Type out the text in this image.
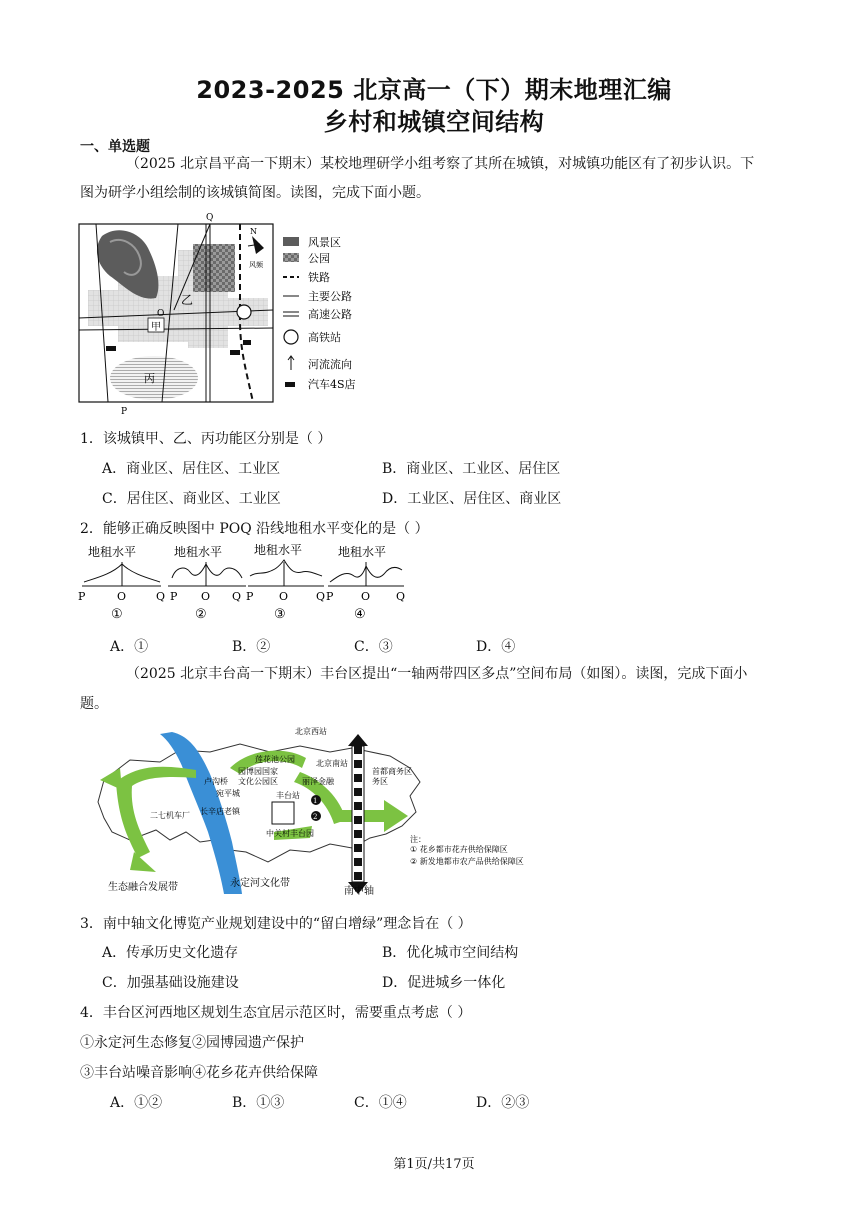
2023-2025 北京高一（下）期末地理汇编
乡村和城镇空间结构
一、单选题
（2025 北京昌平高一下期末）某校地理研学小组考察了其所在城镇，对城镇功能区有了初步认识。下
图为研学小组绘制的该城镇简图。读图，完成下面小题。
Q
P
O
甲
乙
丙
N
风频
风景区
公园
铁路
主要公路
高速公路
高铁站
河流流向
汽车4S店
1．该城镇甲、乙、丙功能区分别是（ ）
A．商业区、居住区、工业区	B．商业区、工业区、居住区
C．居住区、商业区、工业区	D．工业区、居住区、商业区
2．能够正确反映图中 POQ 沿线地租水平变化的是（ ）
地租水平
P	O	Q
①
地租水平
P O Q
②
地租水平
P O	Q
③
地租水平
P	O Q
④
A．①	B．②	C．③	D．④
（2025 北京丰台高一下期末）丰台区提出“一轴两带四区多点”空间布局（如图）。读图，完成下面小
题。
1
2
北京西站
莲花池公园	北京南站
首都商务区
务区
丽泽金融
园博园国家
文化公园区
卢沟桥
宛平城	丰台站
二七机车厂 长辛店老镇
中关村丰台园
生态融合发展带	永定河文化带
南中轴
注：
① 花乡都市花卉供给保障区
② 新发地都市农产品供给保障区
3．南中轴文化博览产业规划建设中的“留白增绿”理念旨在（ ）
A．传承历史文化遗存	B．优化城市空间结构
C．加强基础设施建设	D．促进城乡一体化
4．丰台区河西地区规划生态宜居示范区时，需要重点考虑（ ）
①永定河生态修复②园博园遗产保护
③丰台站噪音影响④花乡花卉供给保障
A．①②	B．①③	C．①④	D．②③
第1页/共17页
